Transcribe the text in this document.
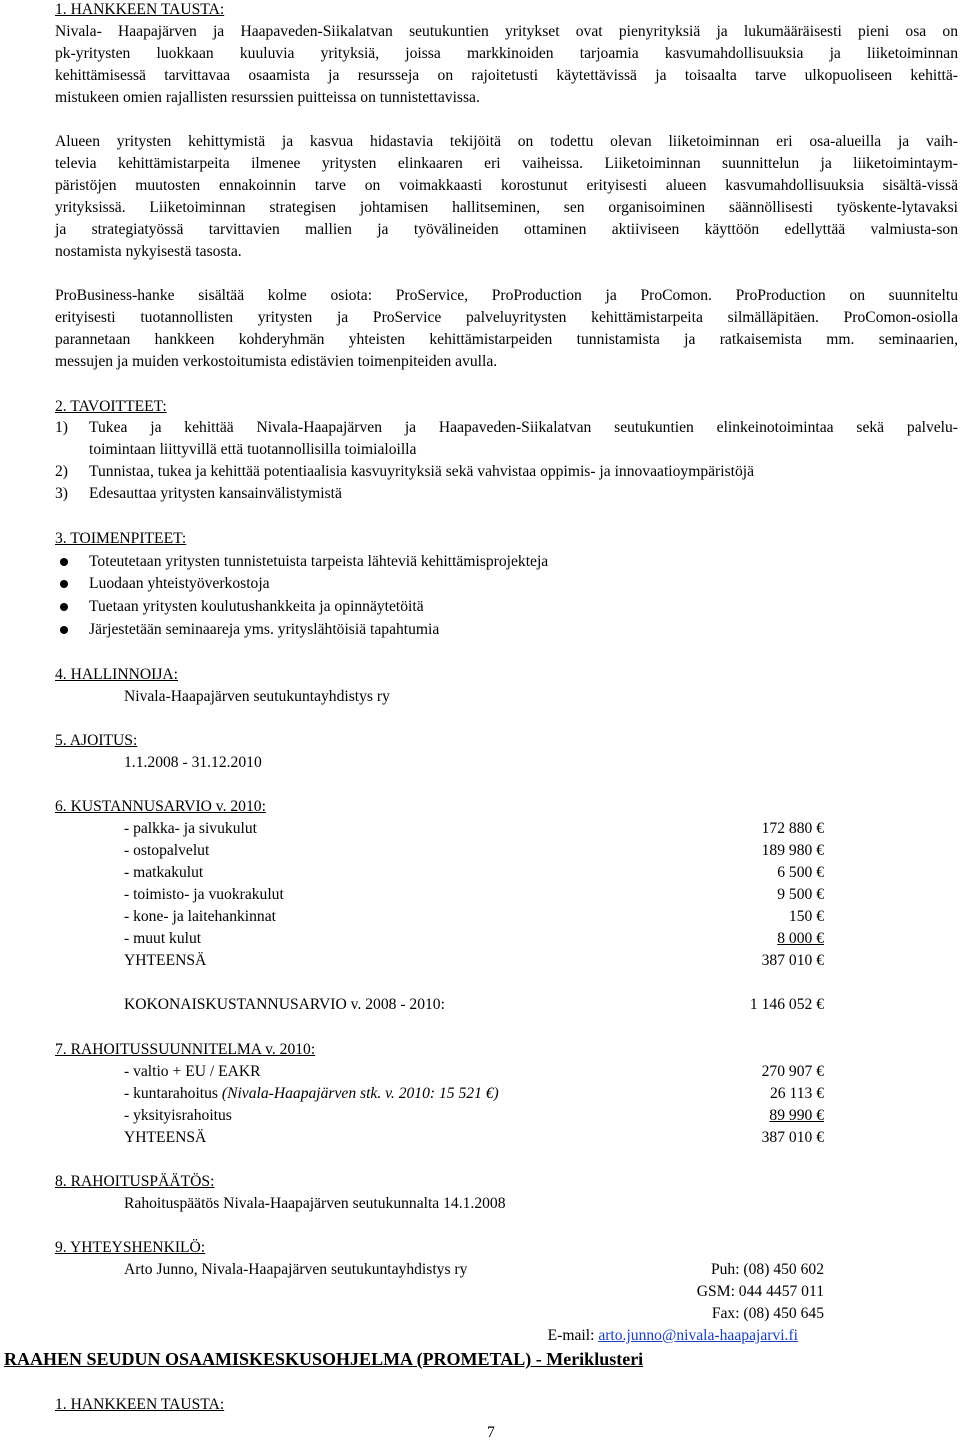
1. HANKKEEN TAUSTA:
Nivala- Haapajärven ja Haapaveden-Siikalatvan seutukuntien yritykset ovat pienyrityksiä ja lukumääräisesti pieni osa on
pk-yritysten luokkaan kuuluvia yrityksiä, joissa markkinoiden tarjoamia kasvumahdollisuuksia ja liiketoiminnan
kehittämisessä tarvittavaa osaamista ja resursseja on rajoitetusti käytettävissä ja toisaalta tarve ulkopuoliseen kehittä-
mistukeen omien rajallisten resurssien puitteissa on tunnistettavissa.
Alueen yritysten kehittymistä ja kasvua hidastavia tekijöitä on todettu olevan liiketoiminnan eri osa-alueilla ja vaih-
televia kehittämistarpeita ilmenee yritysten elinkaaren eri vaiheissa. Liiketoiminnan suunnittelun ja liiketoimintaym-
päristöjen muutosten ennakoinnin tarve on voimakkaasti korostunut erityisesti alueen kasvumahdollisuuksia sisältä-vissä
yrityksissä. Liiketoiminnan strategisen johtamisen hallitseminen, sen organisoiminen säännöllisesti työskente-lytavaksi
ja strategiatyössä tarvittavien mallien ja työvälineiden ottaminen aktiiviseen käyttöön edellyttää valmiusta-son
nostamista nykyisestä tasosta.
ProBusiness-hanke sisältää kolme osiota: ProService, ProProduction ja ProComon. ProProduction on suunniteltu
erityisesti tuotannollisten yritysten ja ProService palveluyritysten kehittämistarpeita silmälläpitäen. ProComon-osiolla
parannetaan hankkeen kohderyhmän yhteisten kehittämistarpeiden tunnistamista ja ratkaisemista mm. seminaarien,
messujen ja muiden verkostoitumista edistävien toimenpiteiden avulla.
2. TAVOITTEET:
1) Tukea ja kehittää Nivala-Haapajärven ja Haapaveden-Siikalatvan seutukuntien elinkeinotoimintaa sekä palvelu-
toimintaan liittyvillä että tuotannollisilla toimialoilla
2) Tunnistaa, tukea ja kehittää potentiaalisia kasvuyrityksiä sekä vahvistaa oppimis- ja innovaatioympäristöjä
3) Edesauttaa yritysten kansainvälistymistä
3. TOIMENPITEET:
Toteutetaan yritysten tunnistetuista tarpeista lähteviä kehittämisprojekteja
Luodaan yhteistyöverkostoja
Tuetaan yritysten koulutushankkeita ja opinnäytetöitä
Järjestetään seminaareja yms. yrityslähtöisiä tapahtumia
4. HALLINNOIJA:
Nivala-Haapajärven seutukuntayhdistys ry
5. AJOITUS:
1.1.2008 - 31.12.2010
6. KUSTANNUSARVIO v. 2010:
- palkka- ja sivukulut	172 880 €
- ostopalvelut	189 980 €
- matkakulut	6 500 €
- toimisto- ja vuokrakulut	9 500 €
- kone- ja laitehankinnat	150 €
- muut kulut	8 000 €
YHTEENSÄ	387 010 €
KOKONAISKUSTANNUSARVIO v. 2008 - 2010:	1 146 052 €
7. RAHOITUSSUUNNITELMA v. 2010:
- valtio + EU / EAKR	270 907 €
- kuntarahoitus (Nivala-Haapajärven stk. v. 2010: 15 521 €)	26 113 €
- yksityisrahoitus	89 990 €
YHTEENSÄ	387 010 €
8. RAHOITUSPÄÄTÖS:
Rahoituspäätös Nivala-Haapajärven seutukunnalta 14.1.2008
9. YHTEYSHENKILÖ:
Arto Junno, Nivala-Haapajärven seutukuntayhdistys ry	Puh: (08) 450 602
GSM: 044 4457 011
Fax: (08) 450 645
E-mail: arto.junno@nivala-haapajarvi.fi
RAAHEN SEUDUN OSAAMISKESKUSOHJELMA (PROMETAL) - Meriklusteri
1. HANKKEEN TAUSTA:
7
